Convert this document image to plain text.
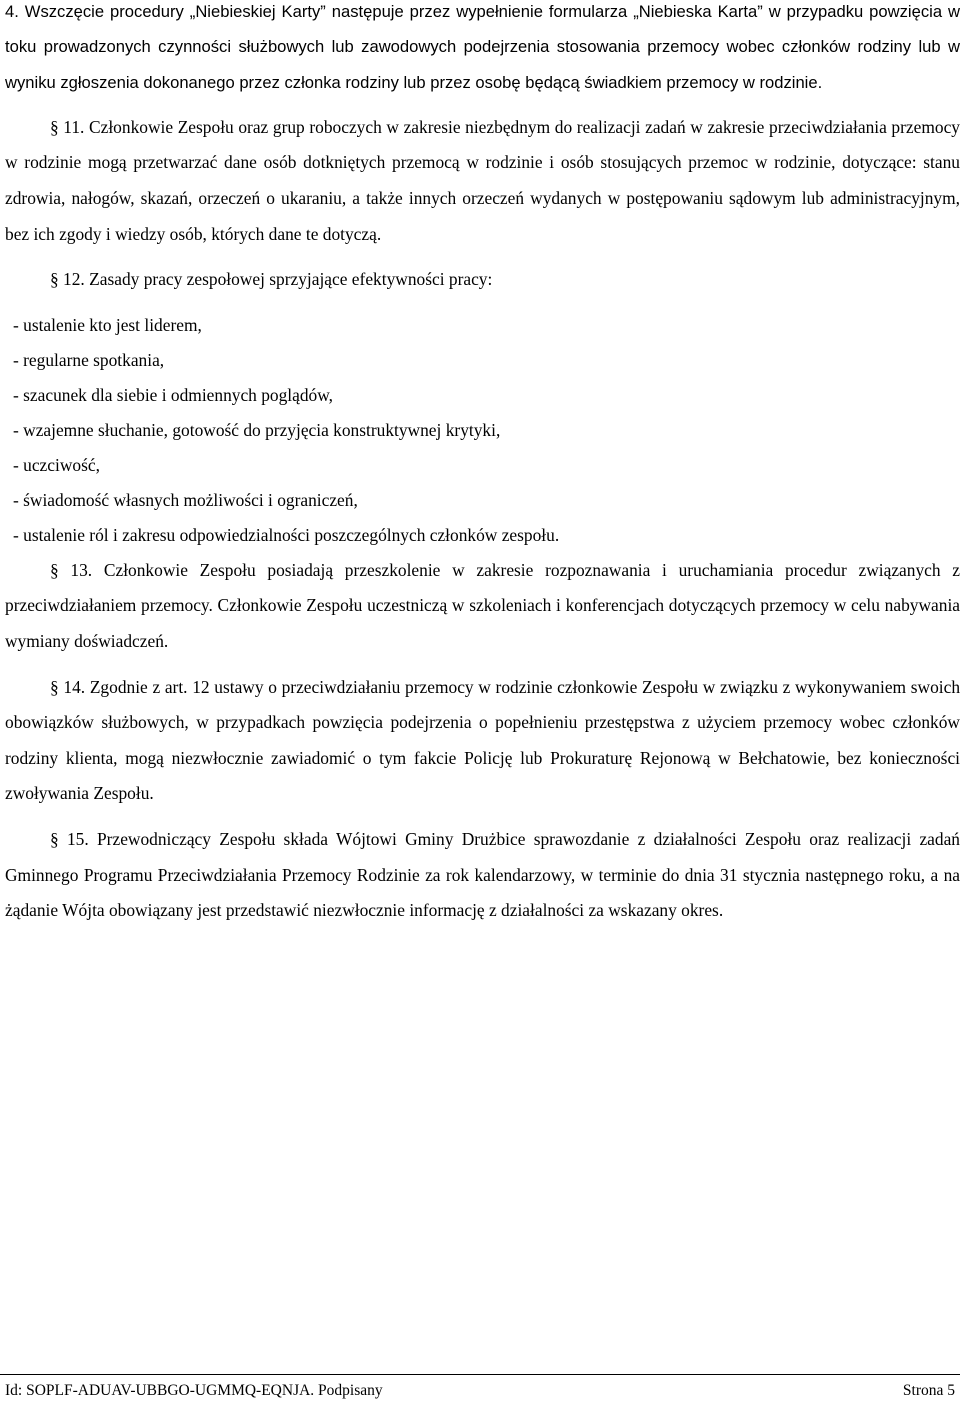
4. Wszczęcie procedury „Niebieskiej Karty” następuje przez wypełnienie formularza „Niebieska Karta” w przypadku powzięcia w toku prowadzonych czynności służbowych lub zawodowych podejrzenia stosowania przemocy wobec członków rodziny lub w wyniku zgłoszenia dokonanego przez członka rodziny lub przez osobę będącą świadkiem przemocy w rodzinie.

§ 11. Członkowie Zespołu oraz grup roboczych w zakresie niezbędnym do realizacji zadań w zakresie przeciwdziałania przemocy w rodzinie mogą przetwarzać dane osób dotkniętych przemocą w rodzinie i osób stosujących przemoc w rodzinie, dotyczące: stanu zdrowia, nałogów, skazań, orzeczeń o ukaraniu, a także innych orzeczeń wydanych w postępowaniu sądowym lub administracyjnym, bez ich zgody i wiedzy osób, których dane te dotyczą.

§ 12. Zasady pracy zespołowej sprzyjające efektywności pracy:

- ustalenie kto jest liderem,
- regularne spotkania,
- szacunek dla siebie i odmiennych poglądów,
- wzajemne słuchanie, gotowość do przyjęcia konstruktywnej krytyki,
- uczciwość,
- świadomość własnych możliwości i ograniczeń,
- ustalenie ról i zakresu odpowiedzialności poszczególnych członków zespołu.

§ 13. Członkowie Zespołu posiadają przeszkolenie w zakresie rozpoznawania i uruchamiania procedur związanych z przeciwdziałaniem przemocy. Członkowie Zespołu uczestniczą w szkoleniach i konferencjach dotyczących przemocy w celu nabywania wymiany doświadczeń.

§ 14. Zgodnie z art. 12 ustawy o przeciwdziałaniu przemocy w rodzinie członkowie Zespołu w związku z wykonywaniem swoich obowiązków służbowych, w przypadkach powzięcia podejrzenia o popełnieniu przestępstwa z użyciem przemocy wobec członków rodziny klienta, mogą niezwłocznie zawiadomić o tym fakcie Policję lub Prokuraturę Rejonową w Bełchatowie, bez konieczności zwoływania Zespołu.

§ 15. Przewodniczący Zespołu składa Wójtowi Gminy Drużbice sprawozdanie z działalności Zespołu oraz realizacji zadań Gminnego Programu Przeciwdziałania Przemocy Rodzinie za rok kalendarzowy, w terminie do dnia 31 stycznia następnego roku, a na żądanie Wójta obowiązany jest przedstawić niezwłocznie informację z działalności za wskazany okres.

Id: SOPLF-ADUAV-UBBGO-UGMMQ-EQNJA. Podpisany	Strona 5
